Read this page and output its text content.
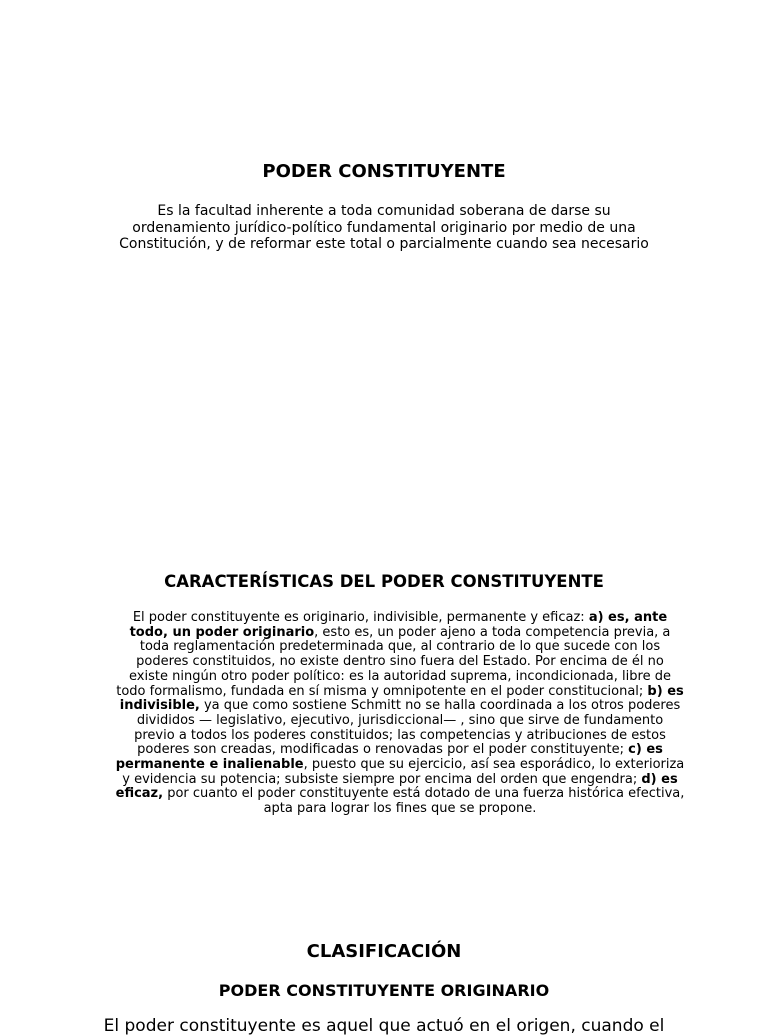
PODER CONSTITUYENTE

Es la facultad inherente a toda comunidad soberana de darse su
ordenamiento jurídico-político fundamental originario por medio de una
Constitución, y de reformar este total o parcialmente cuando sea necesario

CARACTERÍSTICAS DEL PODER CONSTITUYENTE

El poder constituyente es originario, indivisible, permanente y eficaz: a) es, ante
todo, un poder originario, esto es, un poder ajeno a toda competencia previa, a
toda reglamentación predeterminada que, al contrario de lo que sucede con los
poderes constituidos, no existe dentro sino fuera del Estado. Por encima de él no
existe ningún otro poder político: es la autoridad suprema, incondicionada, libre de
todo formalismo, fundada en sí misma y omnipotente en el poder constitucional; b) es
indivisible, ya que como sostiene Schmitt no se halla coordinada a los otros poderes
divididos — legislativo, ejecutivo, jurisdiccional— , sino que sirve de fundamento
previo a todos los poderes constituidos; las competencias y atribuciones de estos
poderes son creadas, modificadas o renovadas por el poder constituyente; c) es
permanente e inalienable, puesto que su ejercicio, así sea esporádico, lo exterioriza
y evidencia su potencia; subsiste siempre por encima del orden que engendra; d) es
eficaz, por cuanto el poder constituyente está dotado de una fuerza histórica efectiva,
apta para lograr los fines que se propone.

CLASIFICACIÓN
PODER CONSTITUYENTE ORIGINARIO

El poder constituyente es aquel que actuó en el origen, cuando el
